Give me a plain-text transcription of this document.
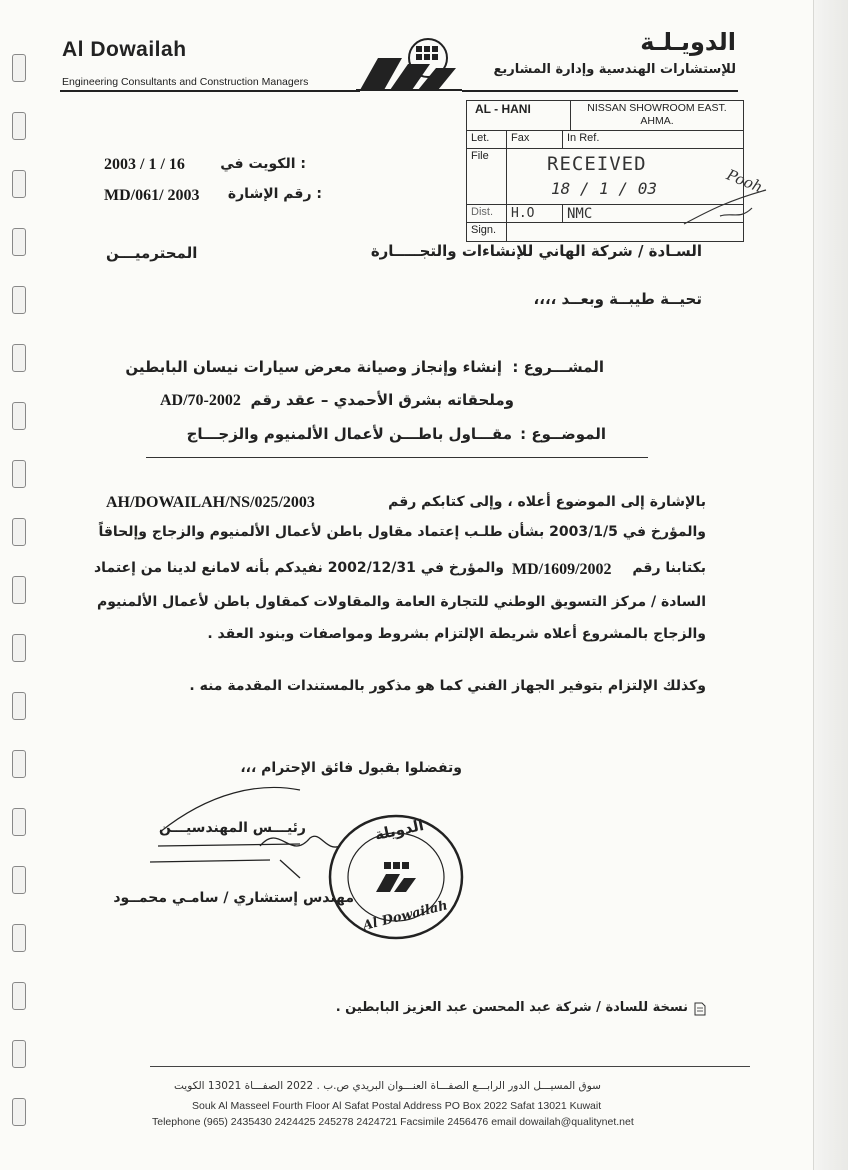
Al Dowailah
Engineering Consultants and Construction Managers
الدويـلـة
للإستشارات الهندسية وإدارة المشاريع
AL - HANI	NISSAN SHOWROOM EAST. AHMA.
Let.	Fax	In Ref.
File	RECEIVED
18 / 1 / 03
Dist.	H.O	NMC
Sign.
Pooh
الكويت في :
2003 / 1 / 16
رقم الإشارة :
MD/061/ 2003
السـادة / شركة الهاني للإنشاءات والتجـــــارة
المحترميـــن
تحيــة طيبــة وبعــد ،،،،
المشـــروع :
إنشاء وإنجاز وصيانة معرض سيارات نيسان البابطين
وملحقاته بشرق الأحمدي – عقد رقم
AD/70-2002
الموضــوع :
مقـــاول باطـــن لأعمال الألمنيوم والزجـــاج
بالإشارة إلى الموضوع أعلاه ، وإلى كتابكم رقم
AH/DOWAILAH/NS/025/2003
والمؤرخ في 2003/1/5 بشأن طلـب إعتماد مقاول باطن لأعمال الألمنيوم والزجاج وإلحاقاً
بكتابنا رقم
MD/1609/2002
والمؤرخ في 2002/12/31 نفيدكم بأنه لامانع لدينا من إعتماد
السادة / مركز التسويق الوطني للتجارة العامة والمقاولات كمقاول باطن لأعمال الألمنيوم
والزجاج بالمشروع أعلاه شريطة الإلتزام بشروط ومواصفات وبنود العقد .
وكذلك الإلتزام بتوفير الجهاز الفني كما هو مذكور بالمستندات المقدمة منه .
وتفضلوا بقبول فائق الإحترام ،،،
رئيـــس المهندسيـــن
مهندس إستشاري / سامـي محمــود
الدويلة
Al Dowailah
نسخة للسادة / شركة عبد المحسن عبد العزيز البابطين .
سوق المسيـــل الدور الرابـــع الصفـــاة العنـــوان البريدي ص.ب . 2022 الصفـــاة 13021 الكويت
Souk Al Masseel Fourth Floor Al Safat Postal Address PO Box 2022 Safat 13021 Kuwait
Telephone (965) 2435430 2424425 245278 2424721 Facsimile 2456476 email dowailah@qualitynet.net
